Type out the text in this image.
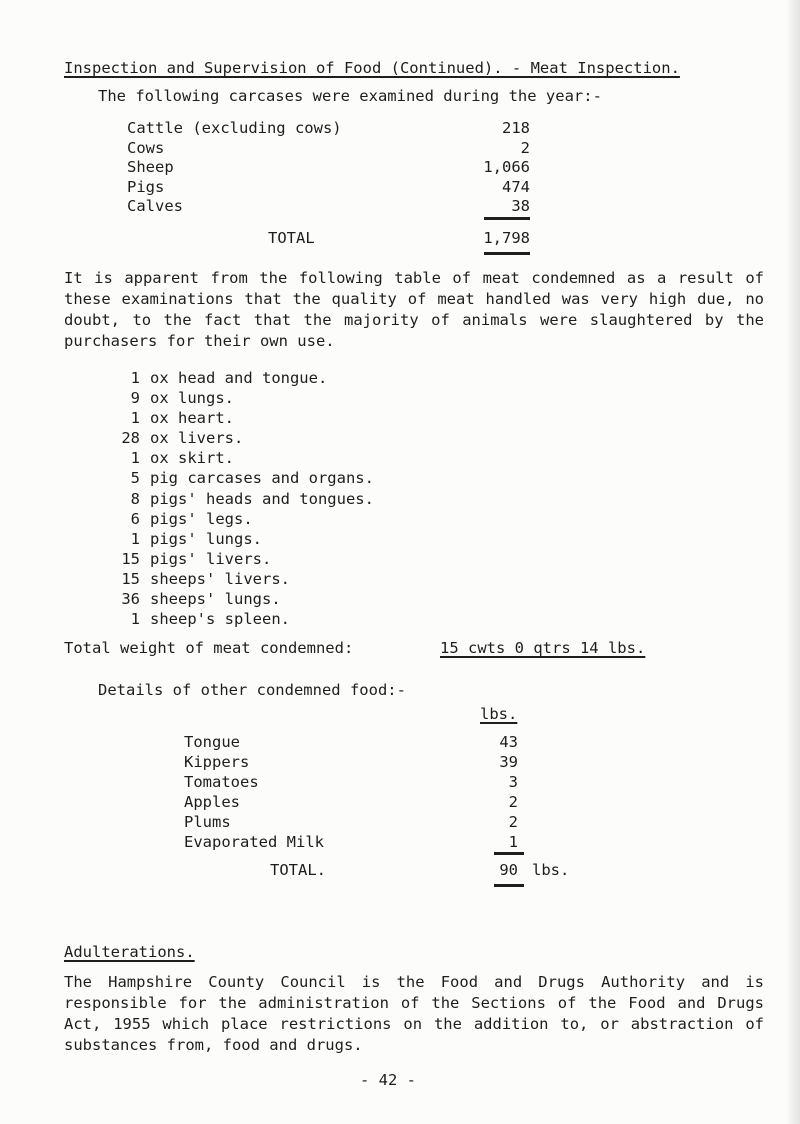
Inspection and Supervision of Food (Continued). - Meat Inspection.
The following carcases were examined during the year:-
Cattle (excluding cows)	218
Cows	2
Sheep	1,066
Pigs	474
Calves	38
TOTAL	1,798
It is apparent from the following table of meat condemned as a result of these examinations that the quality of meat handled was very high due, no doubt, to the fact that the majority of animals were slaughtered by the purchasers for their own use.
1 ox head and tongue.
9 ox lungs.
1 ox heart.
28 ox livers.
1 ox skirt.
5 pig carcases and organs.
8 pigs' heads and tongues.
6 pigs' legs.
1 pigs' lungs.
15 pigs' livers.
15 sheeps' livers.
36 sheeps' lungs.
1 sheep's spleen.
Total weight of meat condemned:	15 cwts 0 qtrs 14 lbs.
Details of other condemned food:-
lbs.
Tongue	43
Kippers	39
Tomatoes	3
Apples	2
Plums	2
Evaporated Milk	1
TOTAL.	90 lbs.
Adulterations.
The Hampshire County Council is the Food and Drugs Authority and is responsible for the administration of the Sections of the Food and Drugs Act, 1955 which place restrictions on the addition to, or abstraction of substances from, food and drugs.
- 42 -
